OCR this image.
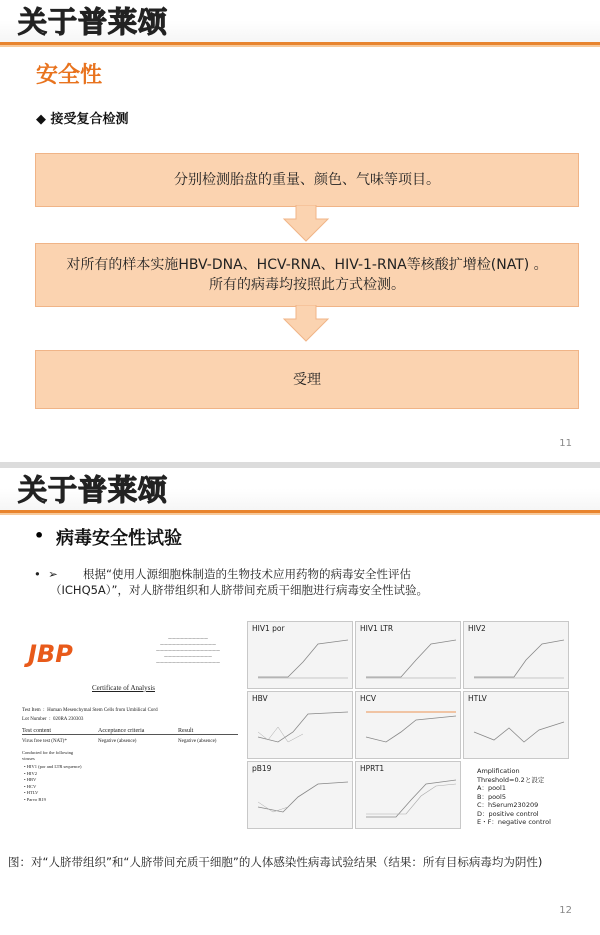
关于普莱颂
安全性
◆ 接受复合检测
分别检测胎盘的重量、颜色、气味等项目。
对所有的样本实施HBV-DNA、HCV-RNA、HIV-1-RNA等核酸扩增检(NAT) 。
所有的病毒均按照此方式检测。
受理
11
关于普莱颂
• 病毒安全性试验
•  ➢ 根据“使用人源细胞株制造的生物技术应用药物的病毒安全性评估
（ICHQ5A）”，对人脐带组织和人脐带间充质干细胞进行病毒安全性试验。
JBP
——————————
——————————————
————————————————
————————————
————————————————
Certificate of Analysis
Test Item  :  Human Mesenchymal Stem Cells from Umbilical Cord
Lot Number  :  020RA 230303
Test content	Acceptance criteria	Result
Virus free test (NAT)*	Negative (absence)	Negative (absence)
Conducted for the following viruses
• HIV1 (por and LTR sequence)
• HIV2
• HBV
• HCV
• HTLV
• Parvo B19
HIV1 por	HIV1 LTR	HIV2
HBV	HCV	HTLV
pB19	HPRT1	Amplification
Threshold=0.2と設定
A：pool1
B：pool5
C：hSerum230209
D：positive control
E・F：negative control
图：对“人脐带组织”和“人脐带间充质干细胞”的人体感染性病毒试验结果（结果：所有目标病毒均为阴性)
12
